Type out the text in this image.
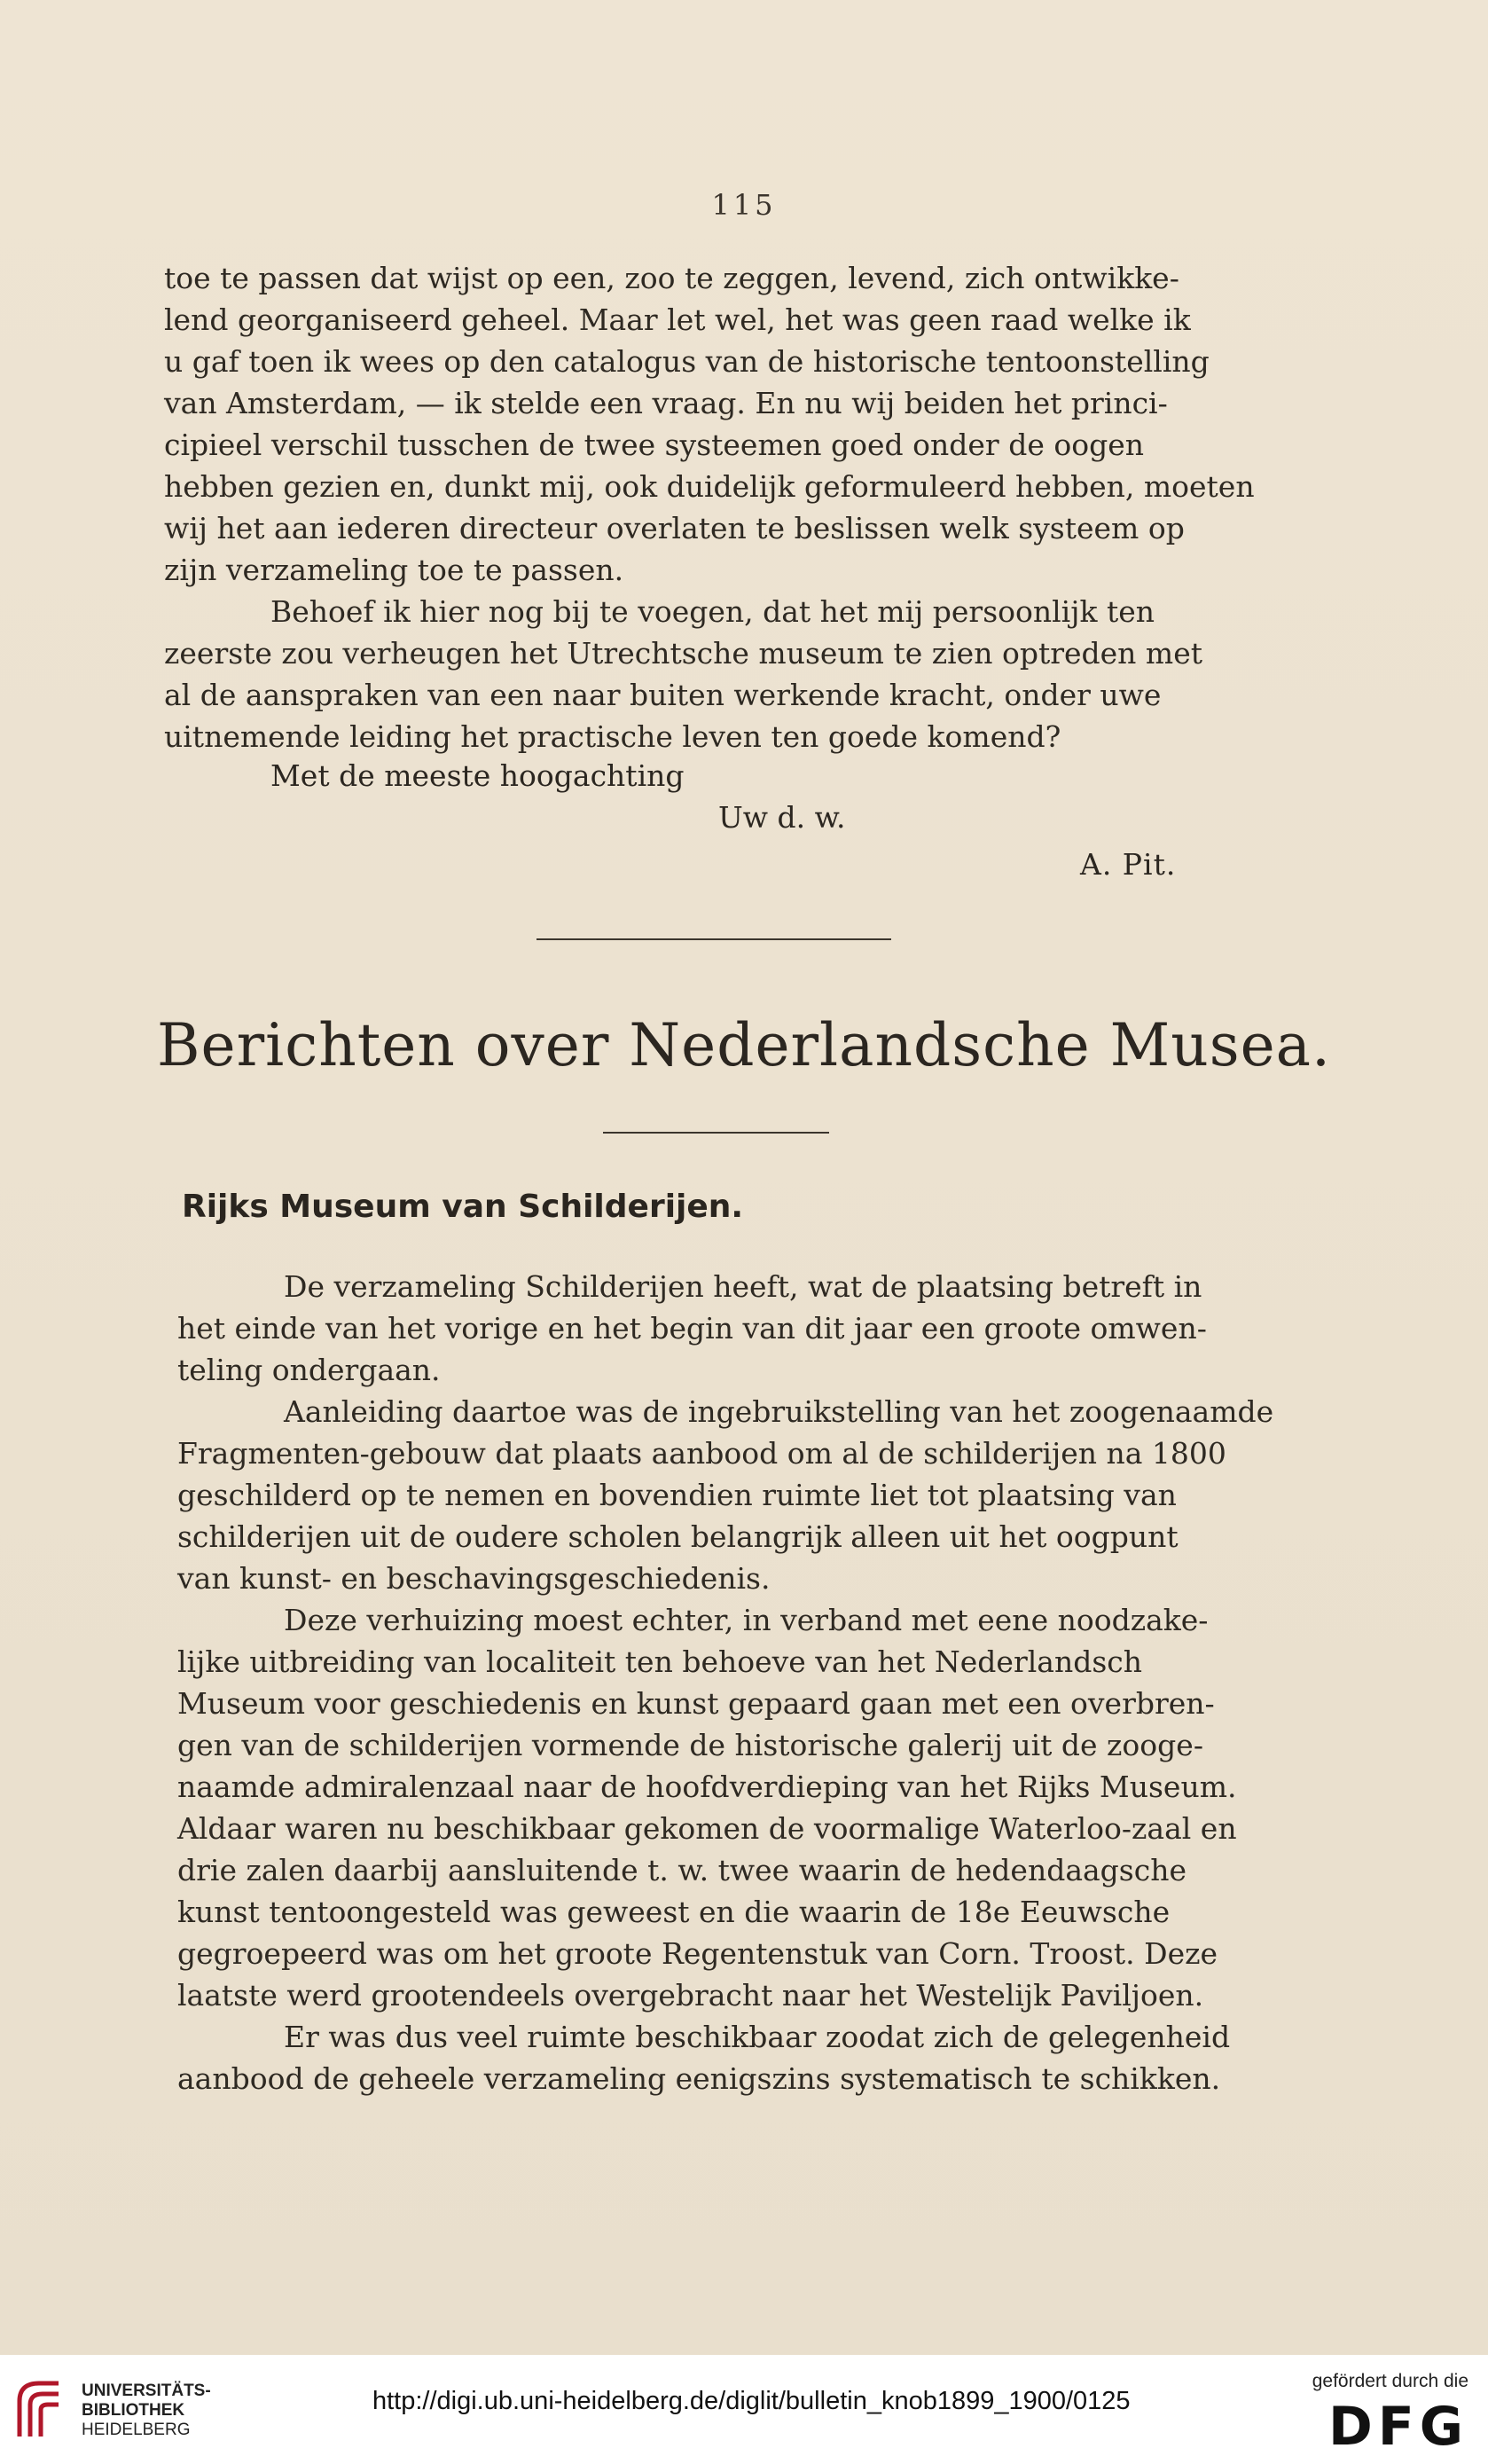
115
toe te passen dat wijst op een, zoo te zeggen, levend, zich ontwikke-
lend georganiseerd geheel. Maar let wel, het was geen raad welke ik
u gaf toen ik wees op den catalogus van de historische tentoonstelling
van Amsterdam, — ik stelde een vraag. En nu wij beiden het princi-
cipieel verschil tusschen de twee systeemen goed onder de oogen
hebben gezien en, dunkt mij, ook duidelijk geformuleerd hebben, moeten
wij het aan iederen directeur overlaten te beslissen welk systeem op
zijn verzameling toe te passen.
Behoef ik hier nog bij te voegen, dat het mij persoonlijk ten
zeerste zou verheugen het Utrechtsche museum te zien optreden met
al de aanspraken van een naar buiten werkende kracht, onder uwe
uitnemende leiding het practische leven ten goede komend?
Met de meeste hoogachting
Uw d. w.
A. Pit.
Berichten over Nederlandsche Musea.
Rijks Museum van Schilderijen.
De verzameling Schilderijen heeft, wat de plaatsing betreft in
het einde van het vorige en het begin van dit jaar een groote omwen-
teling ondergaan.
Aanleiding daartoe was de ingebruikstelling van het zoogenaamde
Fragmenten-gebouw dat plaats aanbood om al de schilderijen na 1800
geschilderd op te nemen en bovendien ruimte liet tot plaatsing van
schilderijen uit de oudere scholen belangrijk alleen uit het oogpunt
van kunst- en beschavingsgeschiedenis.
Deze verhuizing moest echter, in verband met eene noodzake-
lijke uitbreiding van localiteit ten behoeve van het Nederlandsch
Museum voor geschiedenis en kunst gepaard gaan met een overbren-
gen van de schilderijen vormende de historische galerij uit de zooge-
naamde admiralenzaal naar de hoofdverdieping van het Rijks Museum.
Aldaar waren nu beschikbaar gekomen de voormalige Waterloo-zaal en
drie zalen daarbij aansluitende t. w. twee waarin de hedendaagsche
kunst tentoongesteld was geweest en die waarin de 18e Eeuwsche
gegroepeerd was om het groote Regentenstuk van Corn. Troost. Deze
laatste werd grootendeels overgebracht naar het Westelijk Paviljoen.
Er was dus veel ruimte beschikbaar zoodat zich de gelegenheid
aanbood de geheele verzameling eenigszins systematisch te schikken.
UNIVERSITÄTS-
BIBLIOTHEK
HEIDELBERG
http://digi.ub.uni-heidelberg.de/diglit/bulletin_knob1899_1900/0125
gefördert durch die
DFG
